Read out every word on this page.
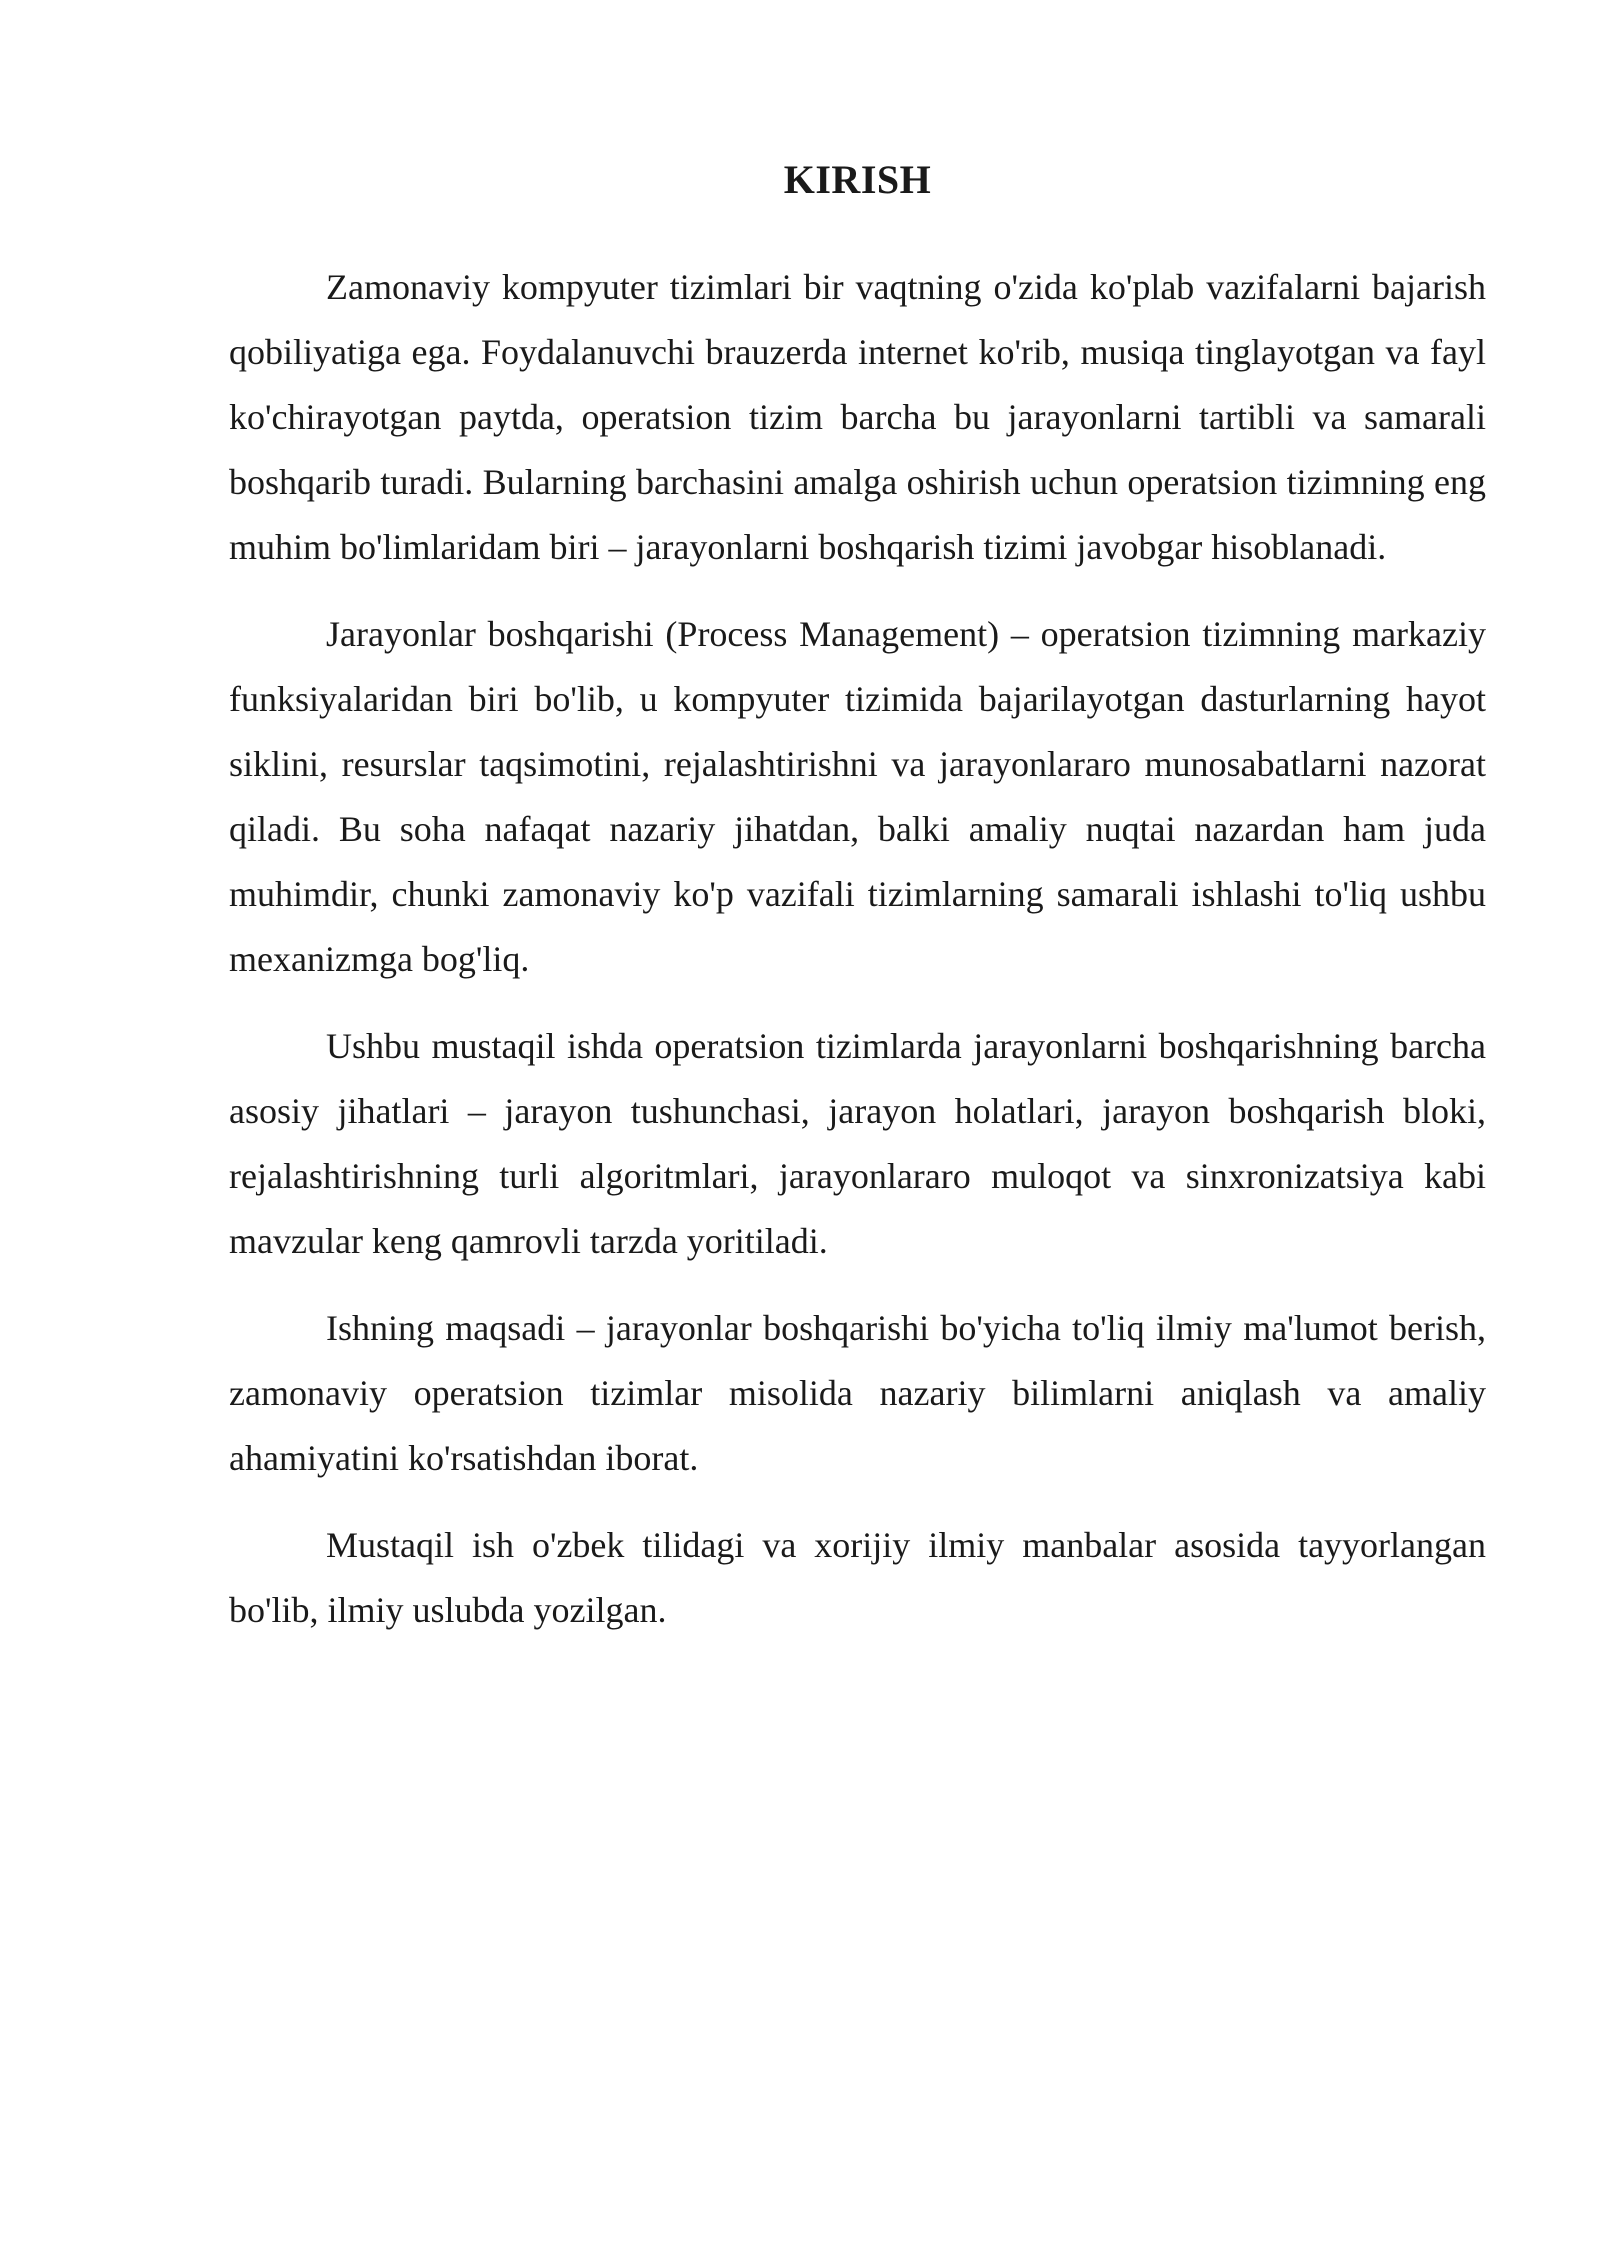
KIRISH

Zamonaviy kompyuter tizimlari bir vaqtning o'zida ko'plab vazifalarni bajarish qobiliyatiga ega. Foydalanuvchi brauzerda internet ko'rib, musiqa tinglayotgan va fayl ko'chirayotgan paytda, operatsion tizim barcha bu jarayonlarni tartibli va samarali boshqarib turadi. Bularning barchasini amalga oshirish uchun operatsion tizimning eng muhim bo'limlaridam biri – jarayonlarni boshqarish tizimi javobgar hisoblanadi.

Jarayonlar boshqarishi (Process Management) – operatsion tizimning markaziy funksiyalaridan biri bo'lib, u kompyuter tizimida bajarilayotgan dasturlarning hayot siklini, resurslar taqsimotini, rejalashtirishni va jarayonlararo munosabatlarni nazorat qiladi. Bu soha nafaqat nazariy jihatdan, balki amaliy nuqtai nazardan ham juda muhimdir, chunki zamonaviy ko'p vazifali tizimlarning samarali ishlashi to'liq ushbu mexanizmga bog'liq.

Ushbu mustaqil ishda operatsion tizimlarda jarayonlarni boshqarishning barcha asosiy jihatlari – jarayon tushunchasi, jarayon holatlari, jarayon boshqarish bloki, rejalashtirishning turli algoritmlari, jarayonlararo muloqot va sinxronizatsiya kabi mavzular keng qamrovli tarzda yoritiladi.

Ishning maqsadi – jarayonlar boshqarishi bo'yicha to'liq ilmiy ma'lumot berish, zamonaviy operatsion tizimlar misolida nazariy bilimlarni aniqlash va amaliy ahamiyatini ko'rsatishdan iborat.

Mustaqil ish o'zbek tilidagi va xorijiy ilmiy manbalar asosida tayyorlangan bo'lib, ilmiy uslubda yozilgan.
